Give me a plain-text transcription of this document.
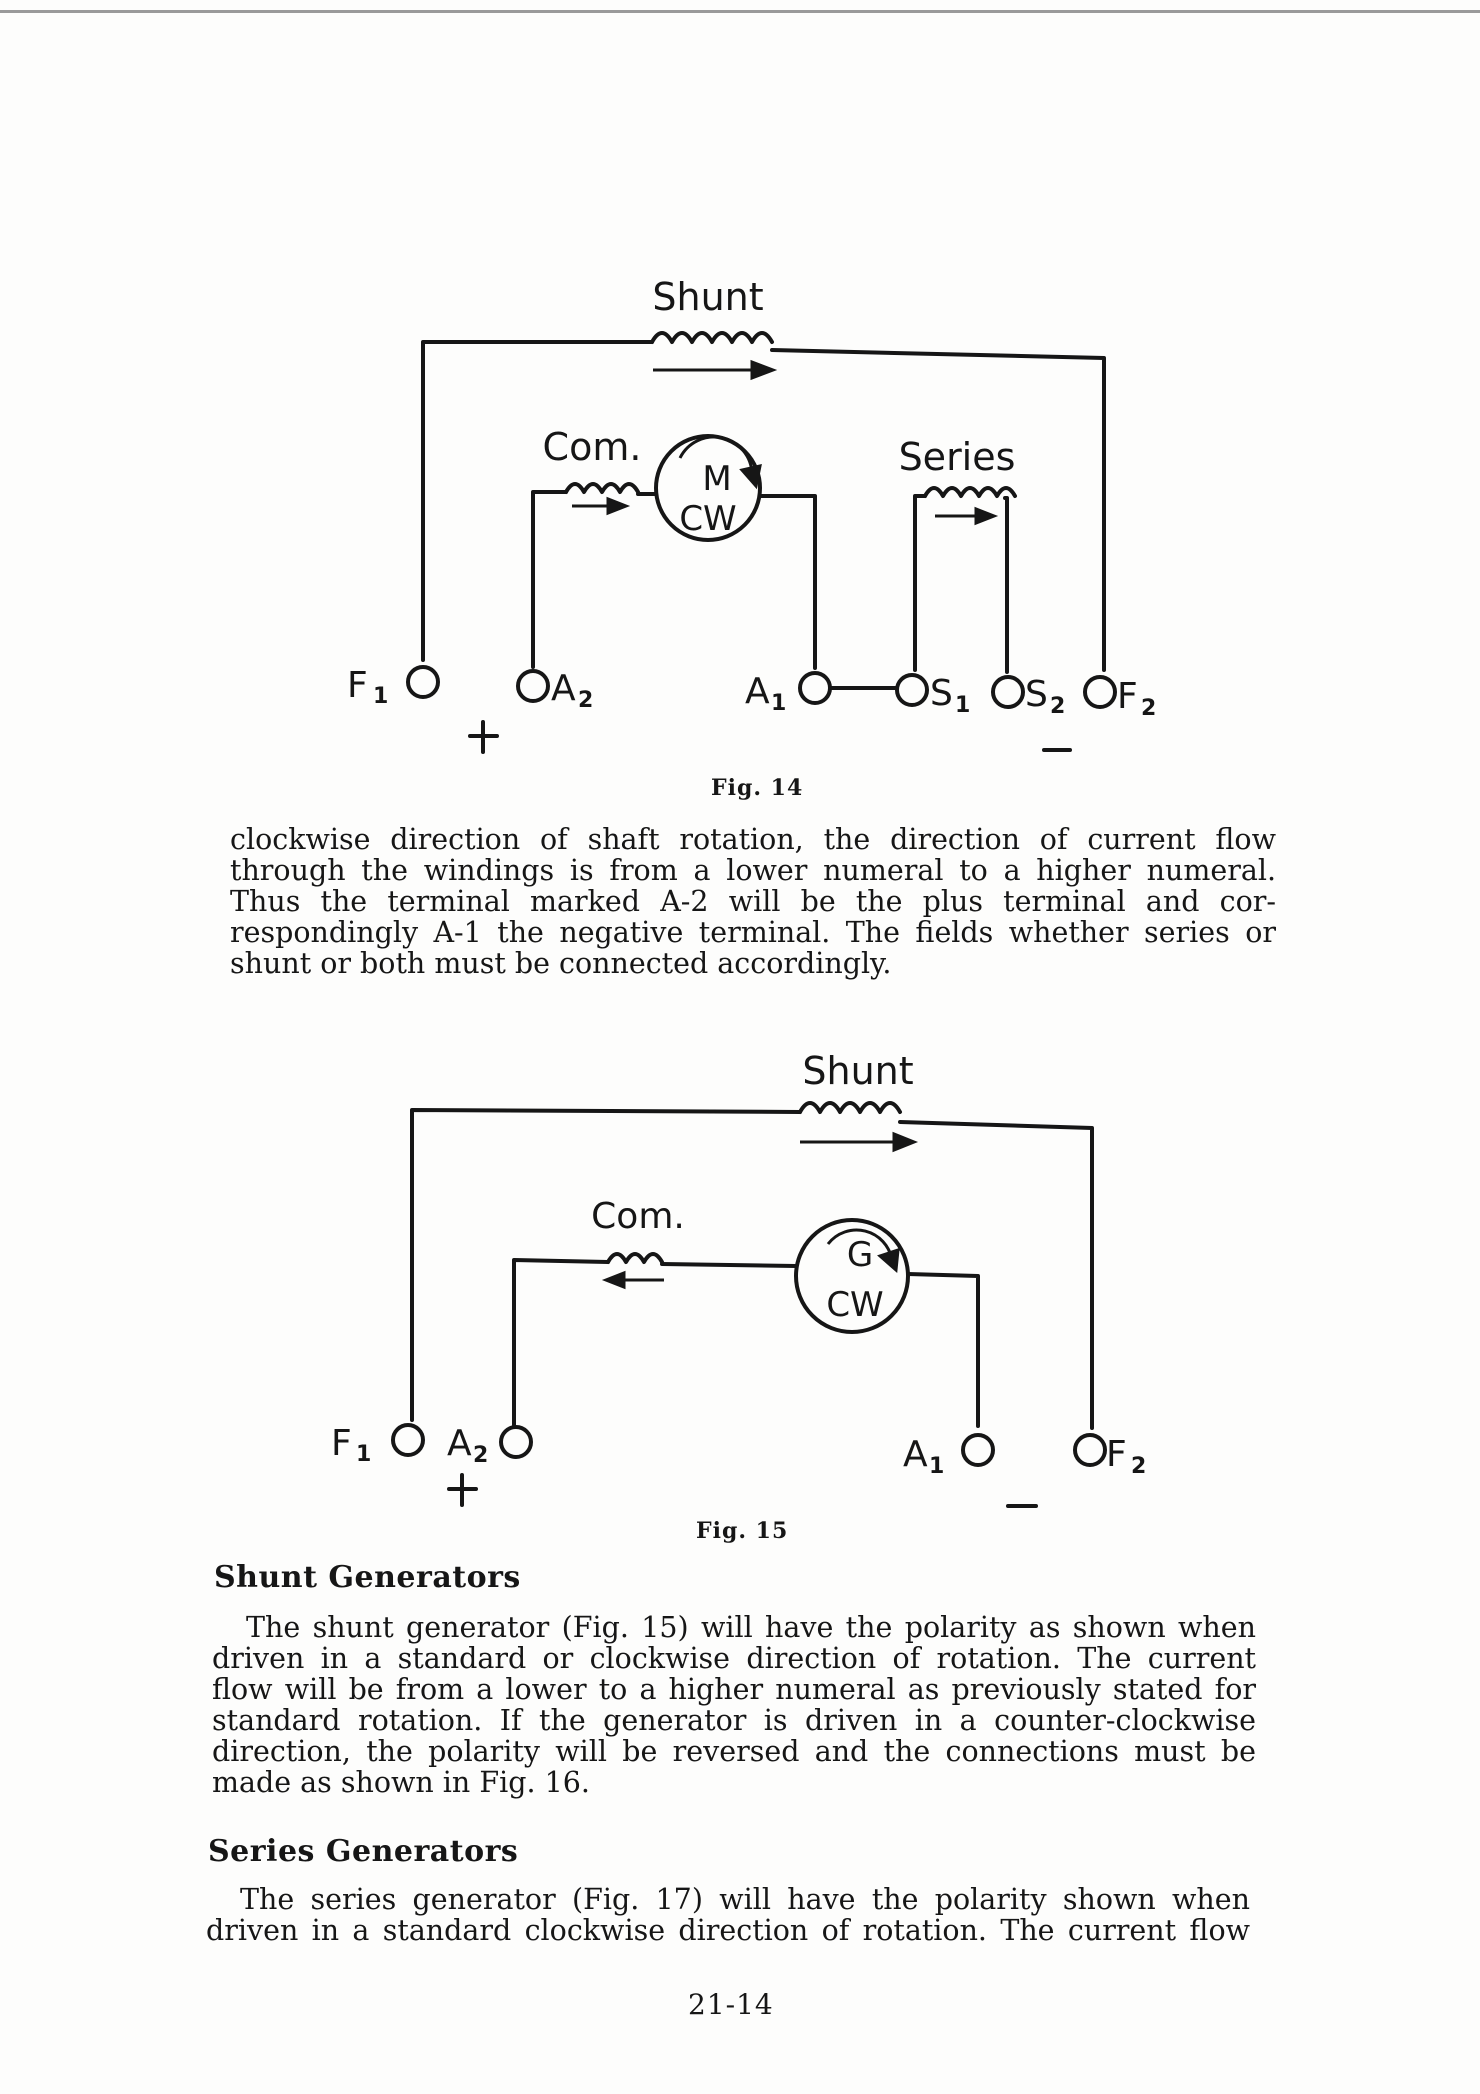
Shunt
Com.	Series
M
CW
F 1	A 2	A 1	S 1 S 2 F 2
Fig. 14

clockwise direction of shaft rotation, the direction of current flow
through the windings is from a lower numeral to a higher numeral.
Thus the terminal marked A-2 will be the plus terminal and cor-
respondingly A-1 the negative terminal. The fields whether series or
shunt or both must be connected accordingly.

Shunt
Com.
G
CW
F 1 A 2	A 1	F 2
Fig. 15
Shunt Generators

The shunt generator (Fig. 15) will have the polarity as shown when
driven in a standard or clockwise direction of rotation. The current
flow will be from a lower to a higher numeral as previously stated for
standard rotation. If the generator is driven in a counter-clockwise
direction, the polarity will be reversed and the connections must be
made as shown in Fig. 16.

Series Generators

The series generator (Fig. 17) will have the polarity shown when
driven in a standard clockwise direction of rotation. The current flow

21-14
